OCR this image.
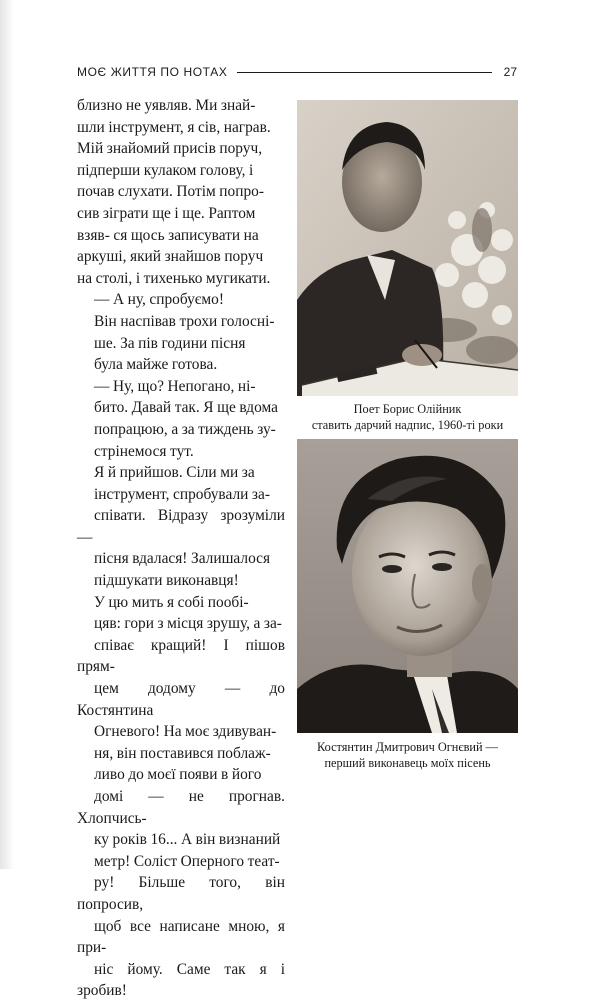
МОЄ ЖИТТЯ ПО НОТАХ	27

близно не уявляв. Ми знай-
шли інструмент, я сів, награв.
Мій знайомий присів поруч,
підперши кулаком голову, і
почав слухати. Потім попро-
сив зіграти ще і ще. Раптом
взяв- ся щось записувати на
аркуші, який знайшов поруч
на столі, і тихенько мугикати.

— А ну, спробуємо!

Він наспівав трохи голосні-
ше. За пів години пісня
була майже готова.

— Ну, що? Непогано, ні-
бито. Давай так. Я ще вдома
попрацюю, а за тиждень зу-
стрінемося тут.

Я й прийшов. Сіли ми за
інструмент, спробували за-
співати. Відразу зрозуміли —
пісня вдалася! Залишалося
підшукати виконавця!

У цю мить я собі пообі-
цяв: гори з місця зрушу, а за-
співає кращий! І пішов прям-
цем додому — до Костянтина
Огневого! На моє здивуван-
ня, він поставився поблаж-
ливо до моєї появи в його
домі — не прогнав. Хлопчись-
ку років 16... А він визнаний
метр! Соліст Оперного теат-
ру! Більше того, він попросив,
щоб все написане мною, я при-
ніс йому. Саме так я і зробив!

Поет Борис Олійник
ставить дарчий надпис, 1960-ті роки
Костянтин Дмитрович Огнєвий —
перший виконавець моїх пісень
